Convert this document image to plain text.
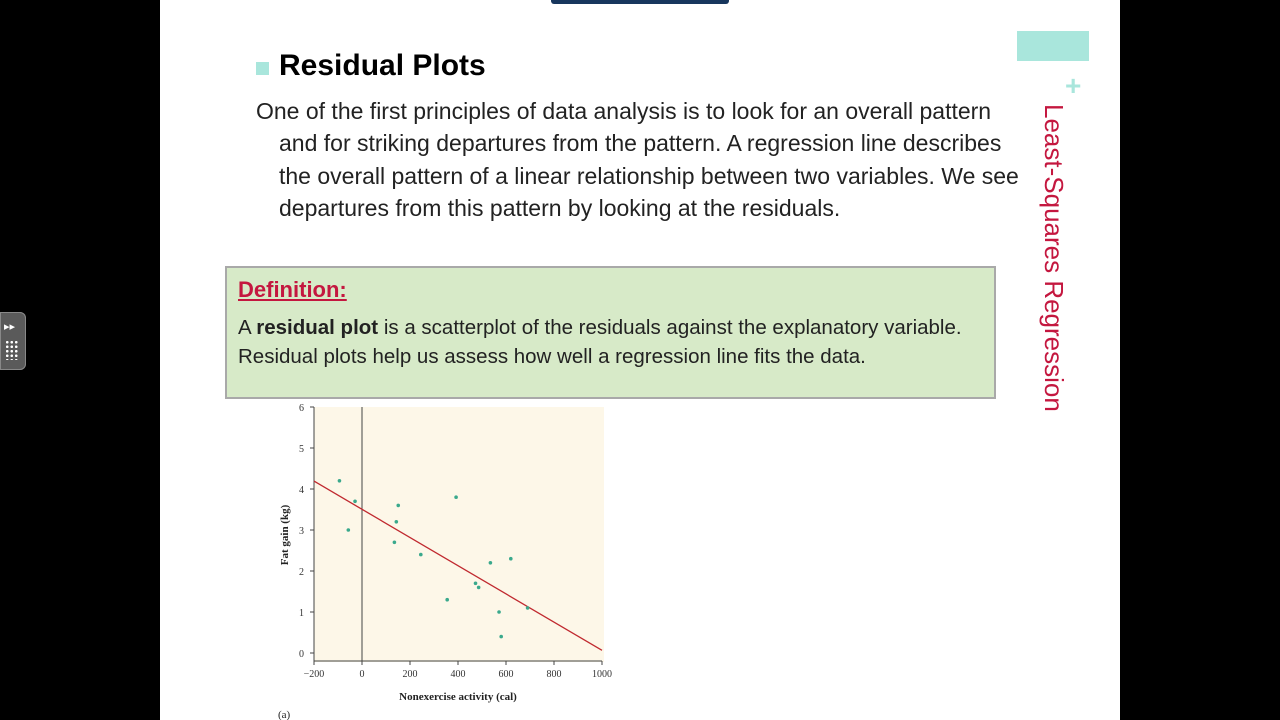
▸▸
+
Least-Squares Regression
Residual Plots

One of the first principles of data analysis is to look for an overall pattern and for striking departures from the pattern. A regression line describes the overall pattern of a linear relationship between two variables. We see departures from this pattern by looking at the residuals.

Definition:

A residual plot is a scatterplot of the residuals against the explanatory variable. Residual plots help us assess how well a regression line fits the data.

−200	0	200	400	600	800	1000
0
1
2
3
4
5
6
Nonexercise activity (cal)
Fat gain (kg)
(a)
